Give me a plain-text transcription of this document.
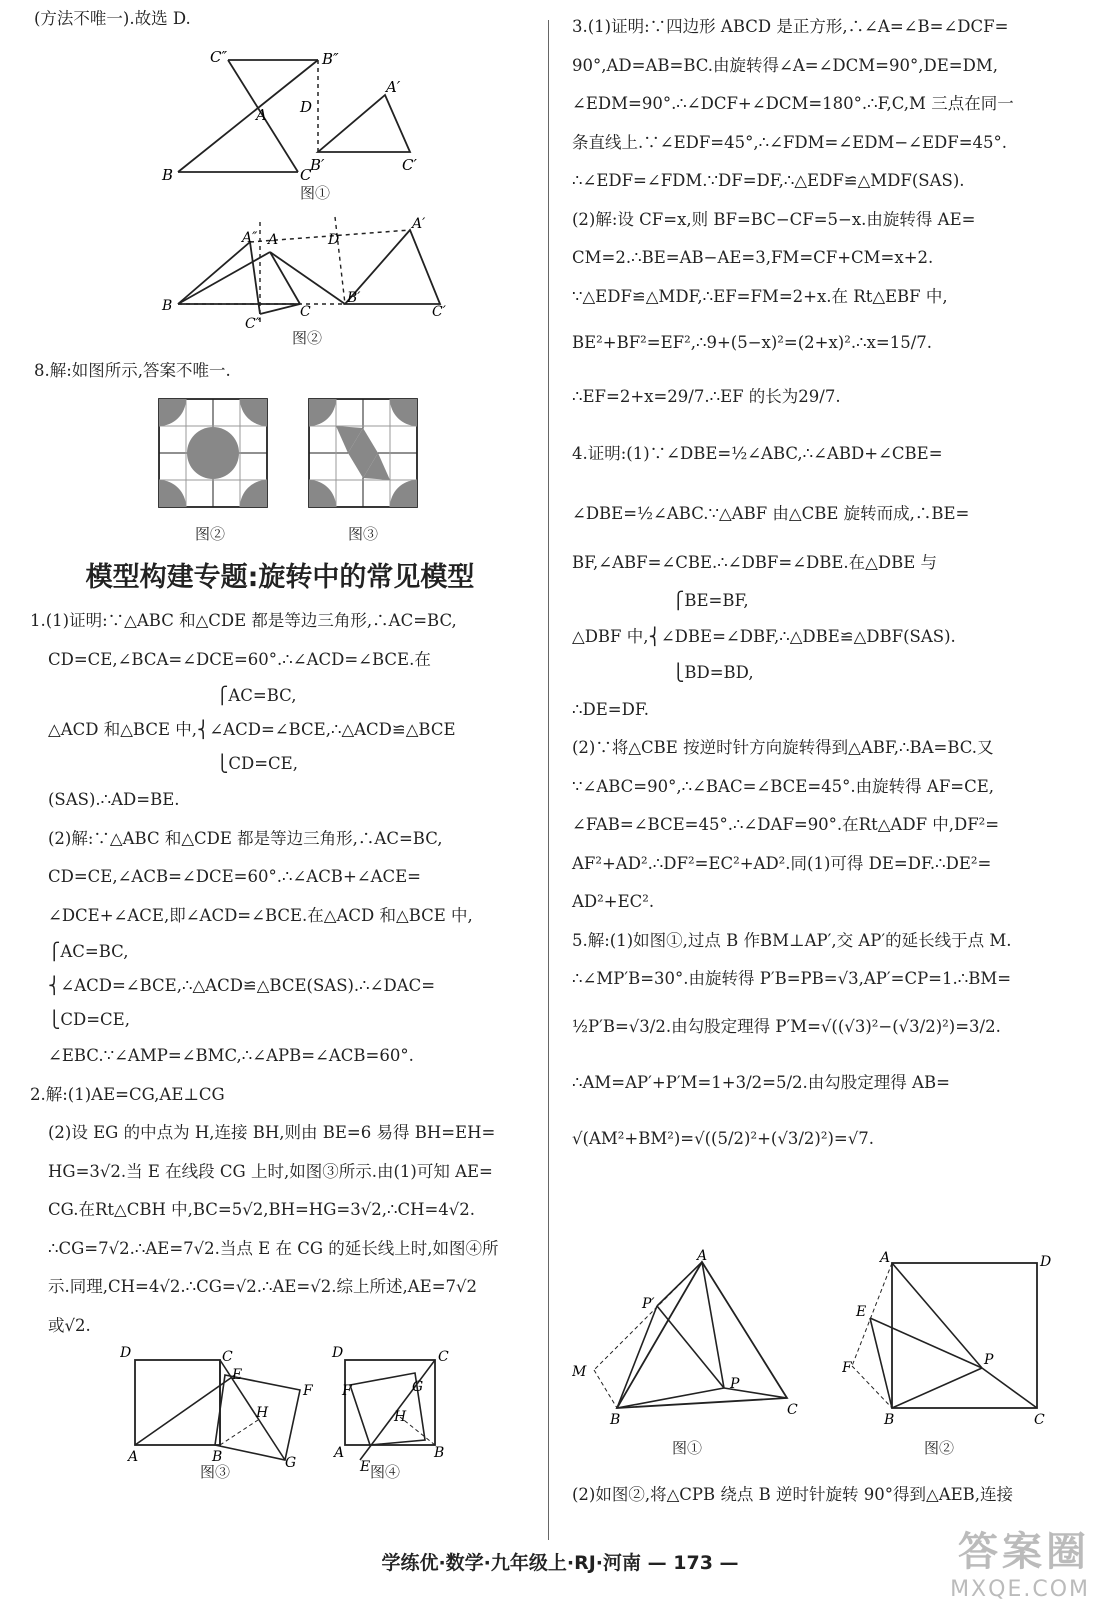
(方法不唯一).故选 D.
C″	B″
A D
A′
B	C
B′	C′
图①
A″ A	D
A′
B	C
B′
C′
C″
图②
8.解:如图所示,答案不唯一.
图②	图③
模型构建专题:旋转中的常见模型
1.(1)证明:∵△ABC 和△CDE 都是等边三角形,∴AC=BC,
CD=CE,∠BCA=∠DCE=60°.∴∠ACD=∠BCE.在
⎧AC=BC,
△ACD 和△BCE 中,⎨∠ACD=∠BCE,∴△ACD≌△BCE
⎩CD=CE,
(SAS).∴AD=BE.
(2)解:∵△ABC 和△CDE 都是等边三角形,∴AC=BC,
CD=CE,∠ACB=∠DCE=60°.∴∠ACB+∠ACE=
∠DCE+∠ACE,即∠ACD=∠BCE.在△ACD 和△BCE 中,
⎧AC=BC,
⎨∠ACD=∠BCE,∴△ACD≌△BCE(SAS).∴∠DAC=
⎩CD=CE,
∠EBC.∵∠AMP=∠BMC,∴∠APB=∠ACB=60°.
2.解:(1)AE=CG,AE⊥CG
(2)设 EG 的中点为 H,连接 BH,则由 BE=6 易得 BH=EH=
HG=3√2.当 E 在线段 CG 上时,如图③所示.由(1)可知 AE=
CG.在Rt△CBH 中,BC=5√2,BH=HG=3√2,∴CH=4√2.
∴CG=7√2.∴AE=7√2.当点 E 在 CG 的延长线上时,如图④所
示.同理,CH=4√2.∴CG=√2.∴AE=√2.综上所述,AE=7√2
或√2.
D	C
E
F
H
A	B	G
图③
D	C
F	G
H
A
E
B
图④
3.(1)证明:∵四边形 ABCD 是正方形,∴∠A=∠B=∠DCF=
90°,AD=AB=BC.由旋转得∠A=∠DCM=90°,DE=DM,
∠EDM=90°.∴∠DCF+∠DCM=180°.∴F,C,M 三点在同一
条直线上.∵∠EDF=45°,∴∠FDM=∠EDM−∠EDF=45°.
∴∠EDF=∠FDM.∵DF=DF,∴△EDF≌△MDF(SAS).
(2)解:设 CF=x,则 BF=BC−CF=5−x.由旋转得 AE=
CM=2.∴BE=AB−AE=3,FM=CF+CM=x+2.
∵△EDF≌△MDF,∴EF=FM=2+x.在 Rt△EBF 中,
BE²+BF²=EF²,∴9+(5−x)²=(2+x)².∴x=15/7.
∴EF=2+x=29/7.∴EF 的长为29/7.
4.证明:(1)∵∠DBE=½∠ABC,∴∠ABD+∠CBE=
∠DBE=½∠ABC.∵△ABF 由△CBE 旋转而成,∴BE=
BF,∠ABF=∠CBE.∴∠DBF=∠DBE.在△DBE 与
⎧BE=BF,
△DBF 中,⎨∠DBE=∠DBF,∴△DBE≌△DBF(SAS).
⎩BD=BD,
∴DE=DF.
(2)∵将△CBE 按逆时针方向旋转得到△ABF,∴BA=BC.又
∵∠ABC=90°,∴∠BAC=∠BCE=45°.由旋转得 AF=CE,
∠FAB=∠BCE=45°.∴∠DAF=90°.在Rt△ADF 中,DF²=
AF²+AD².∴DF²=EC²+AD².同(1)可得 DE=DF.∴DE²=
AD²+EC².
5.解:(1)如图①,过点 B 作BM⊥AP′,交 AP′的延长线于点 M.
∴∠MP′B=30°.由旋转得 P′B=PB=√3,AP′=CP=1.∴BM=
½P′B=√3/2.由勾股定理得 P′M=√((√3)²−(√3/2)²)=3/2.
∴AM=AP′+P′M=1+3/2=5/2.由勾股定理得 AB=
√(AM²+BM²)=√((5/2)²+(√3/2)²)=√7.
A
P′
M
P
B
C
图①
A	D
E
F	P
B	C
图②
(2)如图②,将△CPB 绕点 B 逆时针旋转 90°得到△AEB,连接
学练优·数学·九年级上·RJ·河南 — 173 —	答案圈
MXQE.COM
